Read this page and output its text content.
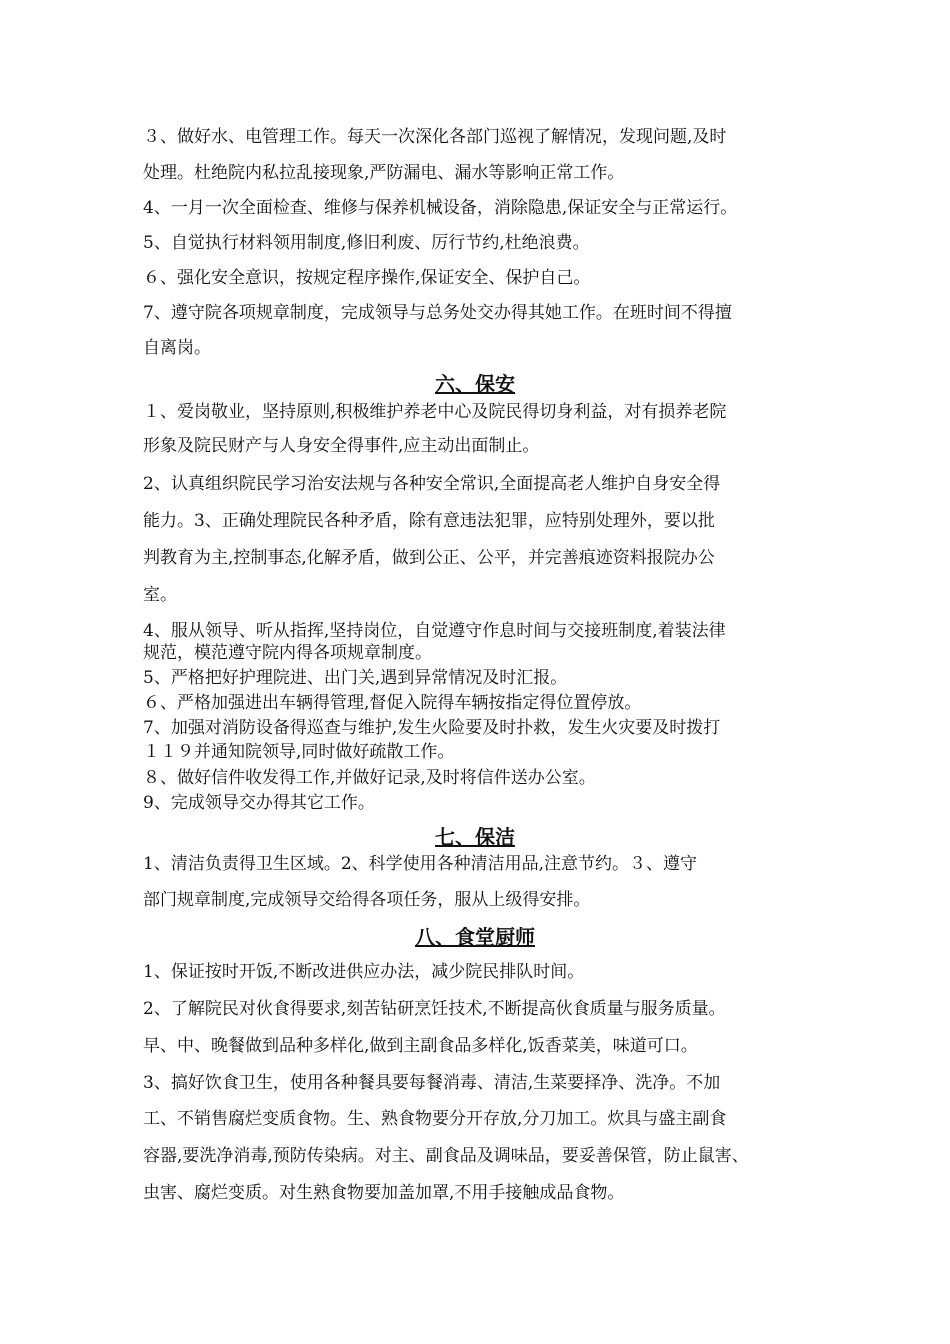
３、做好水、电管理工作。每天一次深化各部门巡视了解情况，发现问题,及时
处理。杜绝院内私拉乱接现象,严防漏电、漏水等影响正常工作。
4、一月一次全面检查、维修与保养机械设备，消除隐患,保证安全与正常运行。
5、自觉执行材料领用制度,修旧利废、厉行节约,杜绝浪费。
６、强化安全意识，按规定程序操作,保证安全、保护自己。
7、遵守院各项规章制度，完成领导与总务处交办得其她工作。在班时间不得擅
自离岗。
六、保安
１、爱岗敬业，坚持原则,积极维护养老中心及院民得切身利益，对有损养老院
形象及院民财产与人身安全得事件,应主动出面制止。
2、认真组织院民学习治安法规与各种安全常识,全面提高老人维护自身安全得
能力。3、正确处理院民各种矛盾，除有意违法犯罪，应特别处理外，要以批
判教育为主,控制事态,化解矛盾，做到公正、公平，并完善痕迹资料报院办公
室。
4、服从领导、听从指挥,坚持岗位，自觉遵守作息时间与交接班制度,着装法律
规范，模范遵守院内得各项规章制度。
5、严格把好护理院进、出门关,遇到异常情况及时汇报。
６、严格加强进出车辆得管理,督促入院得车辆按指定得位置停放。
7、加强对消防设备得巡查与维护,发生火险要及时扑救，发生火灾要及时拨打
１１９并通知院领导,同时做好疏散工作。
８、做好信件收发得工作,并做好记录,及时将信件送办公室。
9、完成领导交办得其它工作。
七、保洁
1、清洁负责得卫生区域。2、科学使用各种清洁用品,注意节约。３、遵守
部门规章制度,完成领导交给得各项任务，服从上级得安排。
八、食堂厨师
1、保证按时开饭,不断改进供应办法，减少院民排队时间。
2、了解院民对伙食得要求,刻苦钻研烹饪技术,不断提高伙食质量与服务质量。
早、中、晚餐做到品种多样化,做到主副食品多样化,饭香菜美，味道可口。
3、搞好饮食卫生，使用各种餐具要每餐消毒、清洁,生菜要择净、洗净。不加
工、不销售腐烂变质食物。生、熟食物要分开存放,分刀加工。炊具与盛主副食
容器,要洗净消毒,预防传染病。对主、副食品及调味品，要妥善保管，防止鼠害、
虫害、腐烂变质。对生熟食物要加盖加罩,不用手接触成品食物。
